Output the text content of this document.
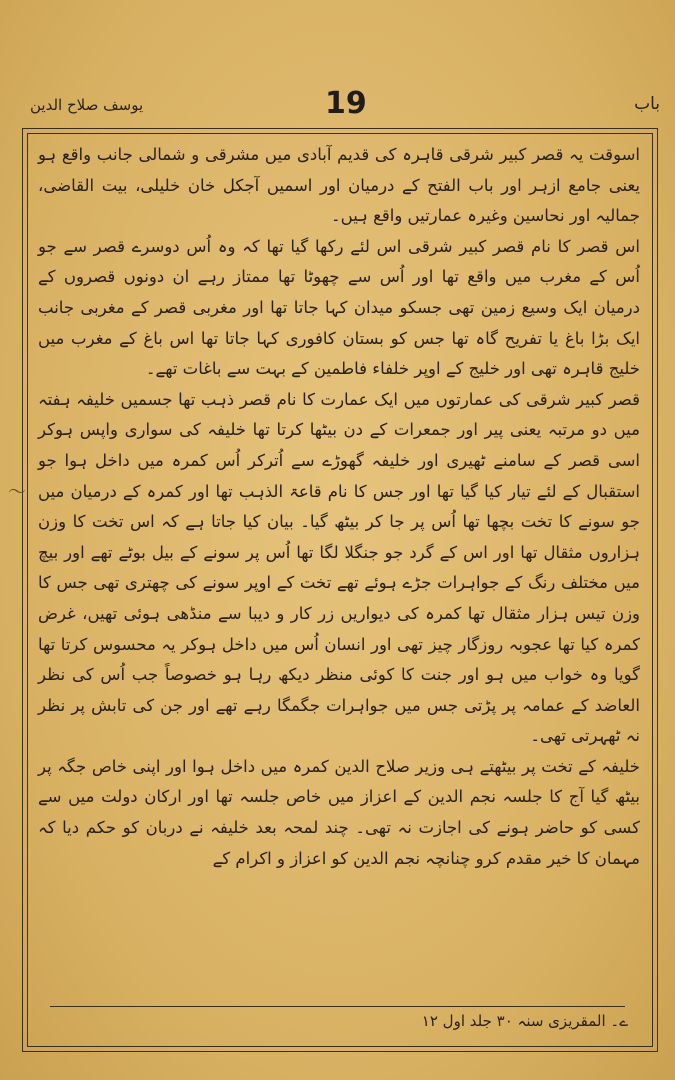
یوسف صلاح الدین	19	باب
〜

اسوقت یہ قصر کبیر شرقی قاہرہ کی قدیم آبادی میں مشرقی و شمالی جانب واقع ہو یعنی جامع ازہر اور باب الفتح کے درمیان اور اسمیں آجکل خان خلیلی، بیت القاضی، جمالیہ اور نحاسین وغیرہ عمارتیں واقع ہیں۔

اس قصر کا نام قصر کبیر شرقی اس لئے رکھا گیا تھا کہ وہ اُس دوسرے قصر سے جو اُس کے مغرب میں واقع تھا اور اُس سے چھوٹا تھا ممتاز رہے ان دونوں قصروں کے درمیان ایک وسیع زمین تھی جسکو میدان کہا جاتا تھا اور مغربی قصر کے مغربی جانب ایک بڑا باغ یا تفریح گاہ تھا جس کو بستان کافوری کہا جاتا تھا اس باغ کے مغرب میں خلیج قاہرہ تھی اور خلیج کے اوپر خلفاء فاطمین کے بہت سے باغات تھے۔

قصر کبیر شرقی کی عمارتوں میں ایک عمارت کا نام قصر ذہب تھا جسمیں خلیفہ ہفتہ میں دو مرتبہ یعنی پیر اور جمعرات کے دن بیٹھا کرتا تھا خلیفہ کی سواری واپس ہوکر اسی قصر کے سامنے ٹھیری اور خلیفہ گھوڑے سے اُترکر اُس کمرہ میں داخل ہوا جو استقبال کے لئے تیار کیا گیا تھا اور جس کا نام قاعۃ الذہب تھا اور کمرہ کے درمیان میں جو سونے کا تخت بچھا تھا اُس پر جا کر بیٹھ گیا۔ بیان کیا جاتا ہے کہ اس تخت کا وزن ہزاروں مثقال تھا اور اس کے گرد جو جنگلا لگا تھا اُس پر سونے کے بیل بوٹے تھے اور بیچ میں مختلف رنگ کے جواہرات جڑے ہوئے تھے تخت کے اوپر سونے کی چھتری تھی جس کا وزن تیس ہزار مثقال تھا کمرہ کی دیواریں زر کار و دیبا سے منڈھی ہوئی تھیں، غرض کمرہ کیا تھا عجوبہ روزگار چیز تھی اور انسان اُس میں داخل ہوکر یہ محسوس کرتا تھا گویا وہ خواب میں ہو اور جنت کا کوئی منظر دیکھ رہا ہو خصوصاً جب اُس کی نظر العاضد کے عمامہ پر پڑتی جس میں جواہرات جگمگا رہے تھے اور جن کی تابش پر نظر نہ ٹھہرتی تھی۔

خلیفہ کے تخت پر بیٹھتے ہی وزیر صلاح الدین کمرہ میں داخل ہوا اور اپنی خاص جگہ پر بیٹھ گیا آج کا جلسہ نجم الدین کے اعزاز میں خاص جلسہ تھا اور ارکان دولت میں سے کسی کو حاضر ہونے کی اجازت نہ تھی۔ چند لمحہ بعد خلیفہ نے دربان کو حکم دیا کہ مہمان کا خیر مقدم کرو چنانچہ نجم الدین کو اعزاز و اکرام کے

ے۔ المقریزی سنہ ۳۰ جلد اول ۱۲
